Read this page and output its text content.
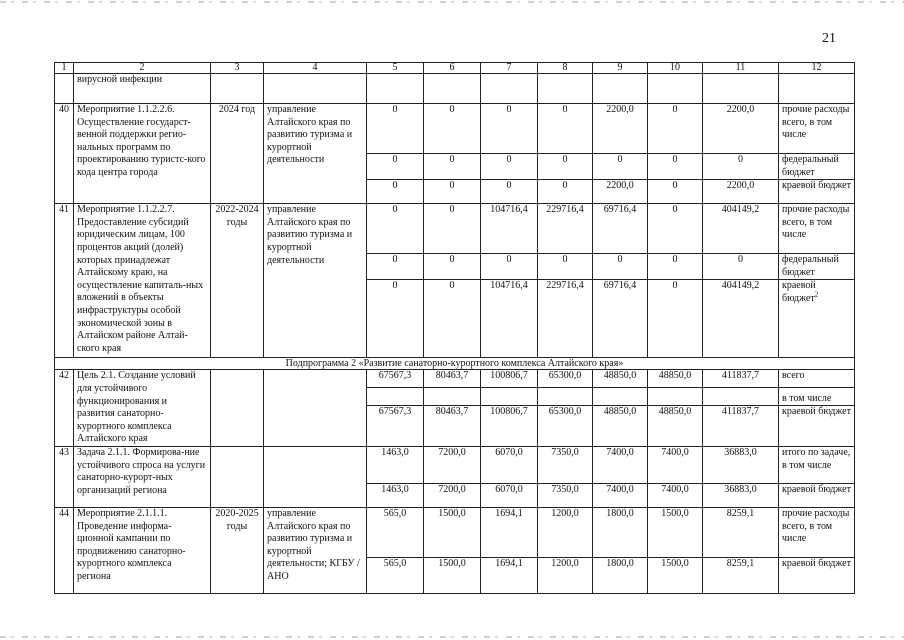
21
1	2	3	4	5	6	7	8	9	10	11	12
	вирусной инфекции										
40	Мероприятие 1.1.2.2.6. Осуществление государст-венной поддержки регио-нальных программ по проектированию туристс-кого кода центра города	2024 год	управление Алтайского края по развитию туризма и курортной деятельности	0	0	0	0	2200,0	0	2200,0	прочие расходы всего, в том числе
				0	0	0	0	0	0	0	федеральный бюджет
				0	0	0	0	2200,0	0	2200,0	краевой бюджет
41	Мероприятие 1.1.2.2.7. Предоставление субсидий юридическим лицам, 100 процентов акций (долей) которых принадлежат Алтайскому краю, на осуществление капиталь-ных вложений в объекты инфраструктуры особой экономической зоны в Алтайском районе Алтай-ского края	2022-2024 годы	управление Алтайского края по развитию туризма и курортной деятельности	0	0	104716,4	229716,4	69716,4	0	404149,2	прочие расходы всего, в том числе
				0	0	0	0	0	0	0	федеральный бюджет
				0	0	104716,4	229716,4	69716,4	0	404149,2	краевой бюджет$^2$
Подпрограмма 2 «Развитие санаторно-курортного комплекса Алтайского края»											
42	Цель 2.1. Создание условий для устойчивого функционирования и развития санаторно-курортного комплекса Алтайского края			67567,3	80463,7	100806,7	65300,0	48850,0	48850,0	411837,7	всего
											в том числе
				67567,3	80463,7	100806,7	65300,0	48850,0	48850,0	411837,7	краевой бюджет
43	Задача 2.1.1. Формирова-ние устойчивого спроса на услуги санаторно-курорт-ных организаций региона			1463,0	7200,0	6070,0	7350,0	7400,0	7400,0	36883,0	итого по задаче, в том числе
				1463,0	7200,0	6070,0	7350,0	7400,0	7400,0	36883,0	краевой бюджет
44	Мероприятие 2.1.1.1. Проведение информа-ционной кампании по продвижению санаторно-курортного комплекса региона	2020-2025 годы	управление Алтайского края по развитию туризма и курортной деятельности; КГБУ / АНО	565,0	1500,0	1694,1	1200,0	1800,0	1500,0	8259,1	прочие расходы всего, в том числе
				565,0	1500,0	1694,1	1200,0	1800,0	1500,0	8259,1	краевой бюджет
